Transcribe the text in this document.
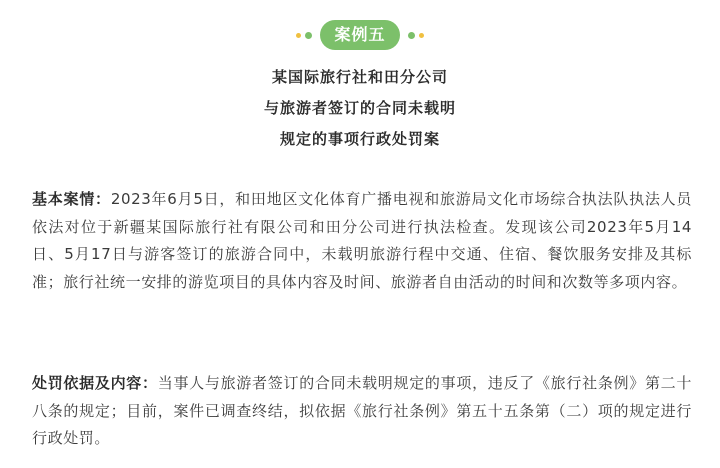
案例五
某国际旅行社和田分公司
与旅游者签订的合同未载明
规定的事项行政处罚案
基本案情：2023年6月5日，和田地区文化体育广播电视和旅游局文化市场综合执法队执法人员依法对位于新疆某国际旅行社有限公司和田分公司进行执法检查。发现该公司2023年5月14日、5月17日与游客签订的旅游合同中，未载明旅游行程中交通、住宿、餐饮服务安排及其标准；旅行社统一安排的游览项目的具体内容及时间、旅游者自由活动的时间和次数等多项内容。
处罚依据及内容：当事人与旅游者签订的合同未载明规定的事项，违反了《旅行社条例》第二十八条的规定；目前，案件已调查终结，拟依据《旅行社条例》第五十五条第（二）项的规定进行行政处罚。
